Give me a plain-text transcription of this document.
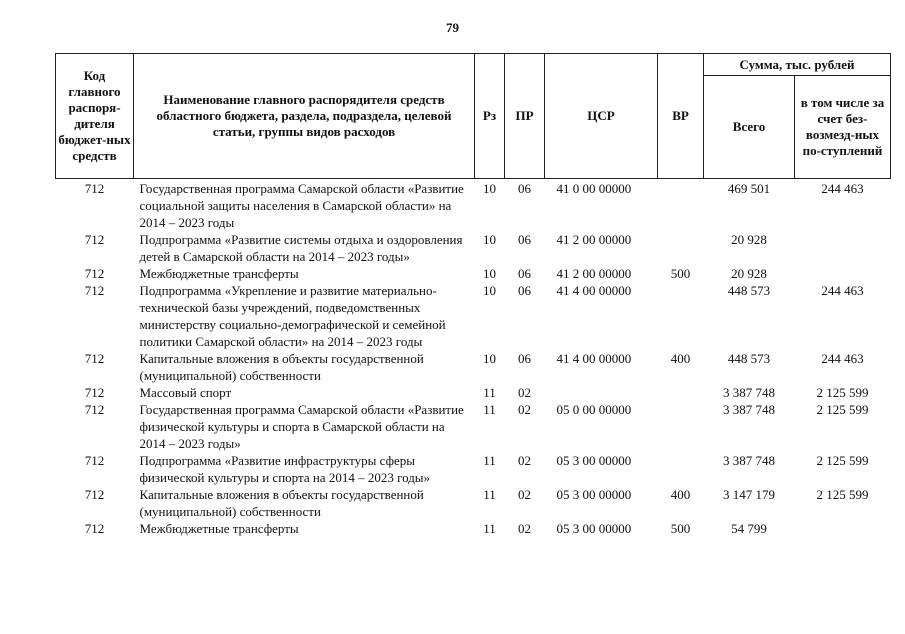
79
Код главного распоря-дителя бюджет-ных средств	Наименование главного распорядителя средств областного бюджета, раздела, подраздела, целевой статьи, группы видов расходов	Рз	ПР	ЦСР	ВР	Сумма, тыс. рублей	
						Всего	в том числе за счет без-возмезд-ных по-ступлений
712	Государственная программа Самарской области «Развитие социальной защиты населения в Самарской области» на 2014 – 2023 годы	10	06	41 0 00 00000		469 501	244 463
712	Подпрограмма «Развитие системы отдыха и оздоровления детей в Самарской области на 2014 – 2023 годы»	10	06	41 2 00 00000		20 928	
712	Межбюджетные трансферты	10	06	41 2 00 00000	500	20 928	
712	Подпрограмма «Укрепление и развитие материально-технической базы учреждений, подведомственных министерству социально-демографической и семейной политики Самарской области» на 2014 – 2023 годы	10	06	41 4 00 00000		448 573	244 463
712	Капитальные вложения в объекты государственной (муниципальной) собственности	10	06	41 4 00 00000	400	448 573	244 463
712	Массовый спорт	11	02			3 387 748	2 125 599
712	Государственная программа Самарской области «Развитие физической культуры и спорта в Самарской области на 2014 – 2023 годы»	11	02	05 0 00 00000		3 387 748	2 125 599
712	Подпрограмма «Развитие инфраструктуры сферы физической культуры и спорта на 2014 – 2023 годы»	11	02	05 3 00 00000		3 387 748	2 125 599
712	Капитальные вложения в объекты государственной (муниципальной) собственности	11	02	05 3 00 00000	400	3 147 179	2 125 599
712	Межбюджетные трансферты	11	02	05 3 00 00000	500	54 799	
